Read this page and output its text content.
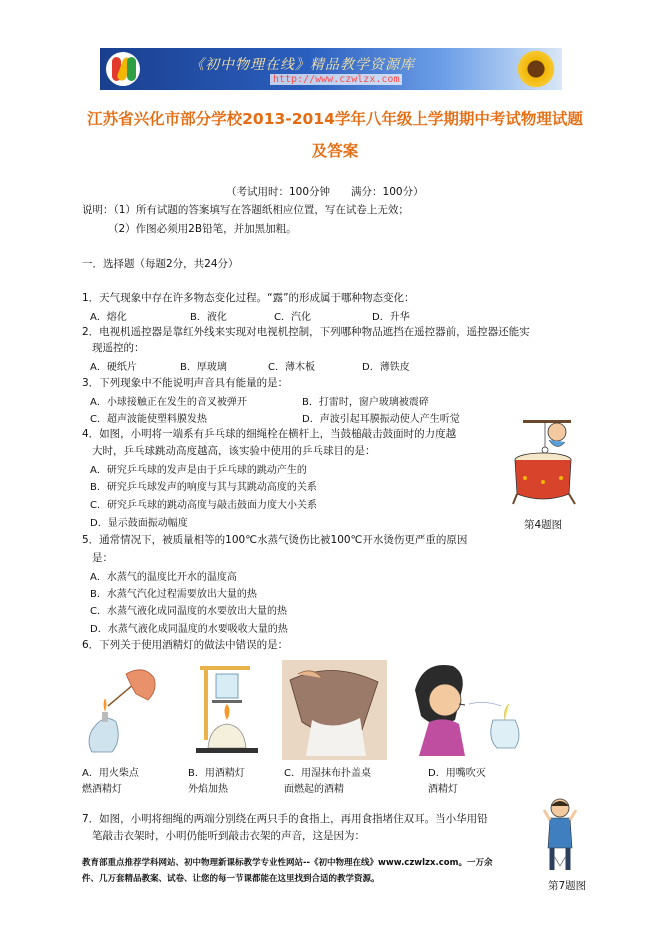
《初中物理在线》精品教学资源库
http://www.czwlzx.com
江苏省兴化市部分学校2013-2014学年八年级上学期期中考试物理试题及答案
（考试用时：100分钟　　满分：100分）
说明：（1）所有试题的答案填写在答题纸相应位置，写在试卷上无效；
（2）作图必须用2B铅笔，并加黑加粗。
一．选择题（每题2分，共24分）
1．天气现象中存在许多物态变化过程。“露”的形成属于哪种物态变化：
A．熔化	B．液化	C．汽化	D．升华
2．电视机遥控器是靠红外线来实现对电视机控制，下列哪种物品遮挡在遥控器前，遥控器还能实
现遥控的：
A．硬纸片	B．厚玻璃	C．薄木板	D．薄铁皮
3．下列现象中不能说明声音具有能量的是：
A．小球接触正在发生的音叉被弹开	B．打雷时，窗户玻璃被震碎
C．超声波能使塑料膜发热	D．声波引起耳膜振动使人产生听觉
4．如图，小明将一端系有乒乓球的细绳栓在横杆上，当鼓槌敲击鼓面时的力度越
大时，乒乓球跳动高度越高，该实验中使用的乒乓球目的是：
A．研究乒乓球的发声是由于乒乓球的跳动产生的
B．研究乒乓球发声的响度与其与其跳动高度的关系
C．研究乒乓球的跳动高度与敲击鼓面力度大小关系
D．显示鼓面振动幅度	第4题图
5．通常情况下，被质量相等的100℃水蒸气烫伤比被100℃开水烫伤更严重的原因
是：
A．水蒸气的温度比开水的温度高
B．水蒸气汽化过程需要放出大量的热
C．水蒸气液化成同温度的水要放出大量的热
D．水蒸气液化成同温度的水要吸收大量的热
6．下列关于使用酒精灯的做法中错误的是：
A．用火柴点
燃酒精灯
B．用酒精灯
外焰加热
C．用湿抹布扑盖桌
面燃起的酒精
D．用嘴吹灭
酒精灯
7．如图，小明将细绳的两端分别绕在两只手的食指上，再用食指堵住双耳。当小华用铅
笔敲击衣架时，小明仍能听到敲击衣架的声音，这是因为：
教育部重点推荐学科网站、初中物理新课标教学专业性网站--《初中物理在线》www.czwlzx.com。一万余
件、几万套精品教案、试卷、让您的每一节课都能在这里找到合适的教学资源。
第7题图
